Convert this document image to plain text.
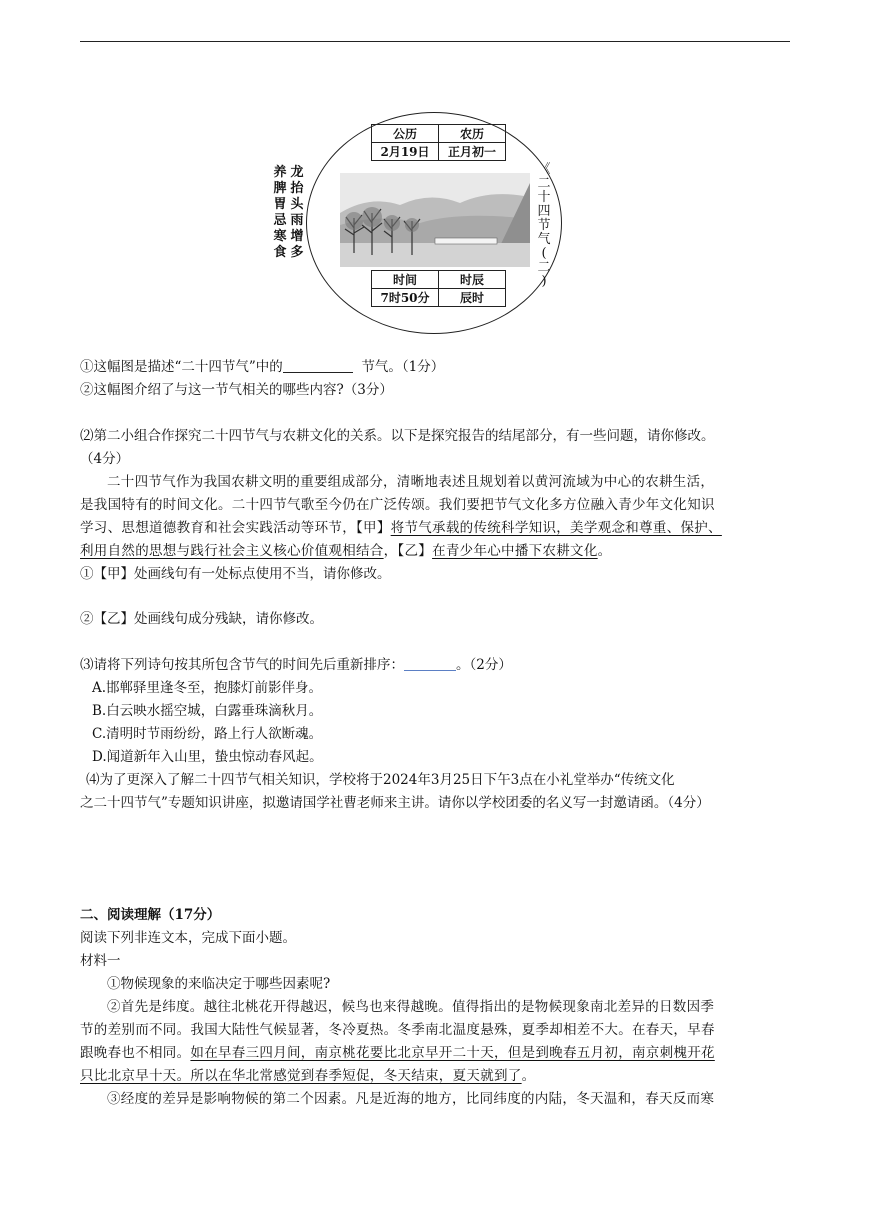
养
脾
胃
忌
寒
食
龙
抬
头
雨
增
多
《
二
十
四
节
气
(
二
)
公历	农历
2月19日	正月初一
时间	时辰
7时50分	辰时
①这幅图是描述“二十四节气”中的	节气。（1分）
②这幅图介绍了与这一节气相关的哪些内容?（3分）
⑵第二小组合作探究二十四节气与农耕文化的关系。以下是探究报告的结尾部分，有一些问题，请你修改。
（4分）
二十四节气作为我国农耕文明的重要组成部分，清晰地表述且规划着以黄河流域为中心的农耕生活，
是我国特有的时间文化。二十四节气歌至今仍在广泛传颂。我们要把节气文化多方位融入青少年文化知识
学习、思想道德教育和社会实践活动等环节，【甲】将节气承载的传统科学知识，美学观念和尊重、保护、
利用自然的思想与践行社会主义核心价值观相结合，【乙】在青少年心中播下农耕文化。
①【甲】处画线句有一处标点使用不当，请你修改。
②【乙】处画线句成分残缺，请你修改。
⑶请将下列诗句按其所包含节气的时间先后重新排序：	。（2分）
A.邯郸驿里逢冬至，抱膝灯前影伴身。
B.白云映水摇空城，白露垂珠滴秋月。
C.清明时节雨纷纷，路上行人欲断魂。
D.闻道新年入山里，蛰虫惊动春风起。
⑷为了更深入了解二十四节气相关知识，学校将于2024年3月25日下午3点在小礼堂举办“传统文化
之二十四节气”专题知识讲座，拟邀请国学社曹老师来主讲。请你以学校团委的名义写一封邀请函。（4分）
二、阅读理解（17分）
阅读下列非连文本，完成下面小题。
材料一
①物候现象的来临决定于哪些因素呢?
②首先是纬度。越往北桃花开得越迟，候鸟也来得越晚。值得指出的是物候现象南北差异的日数因季
节的差别而不同。我国大陆性气候显著，冬冷夏热。冬季南北温度悬殊，夏季却相差不大。在春天，早春
跟晚春也不相同。如在早春三四月间，南京桃花要比北京早开二十天，但是到晚春五月初，南京刺槐开花
只比北京早十天。所以在华北常感觉到春季短促，冬天结束，夏天就到了。
③经度的差异是影响物候的第二个因素。凡是近海的地方，比同纬度的内陆，冬天温和，春天反而寒
